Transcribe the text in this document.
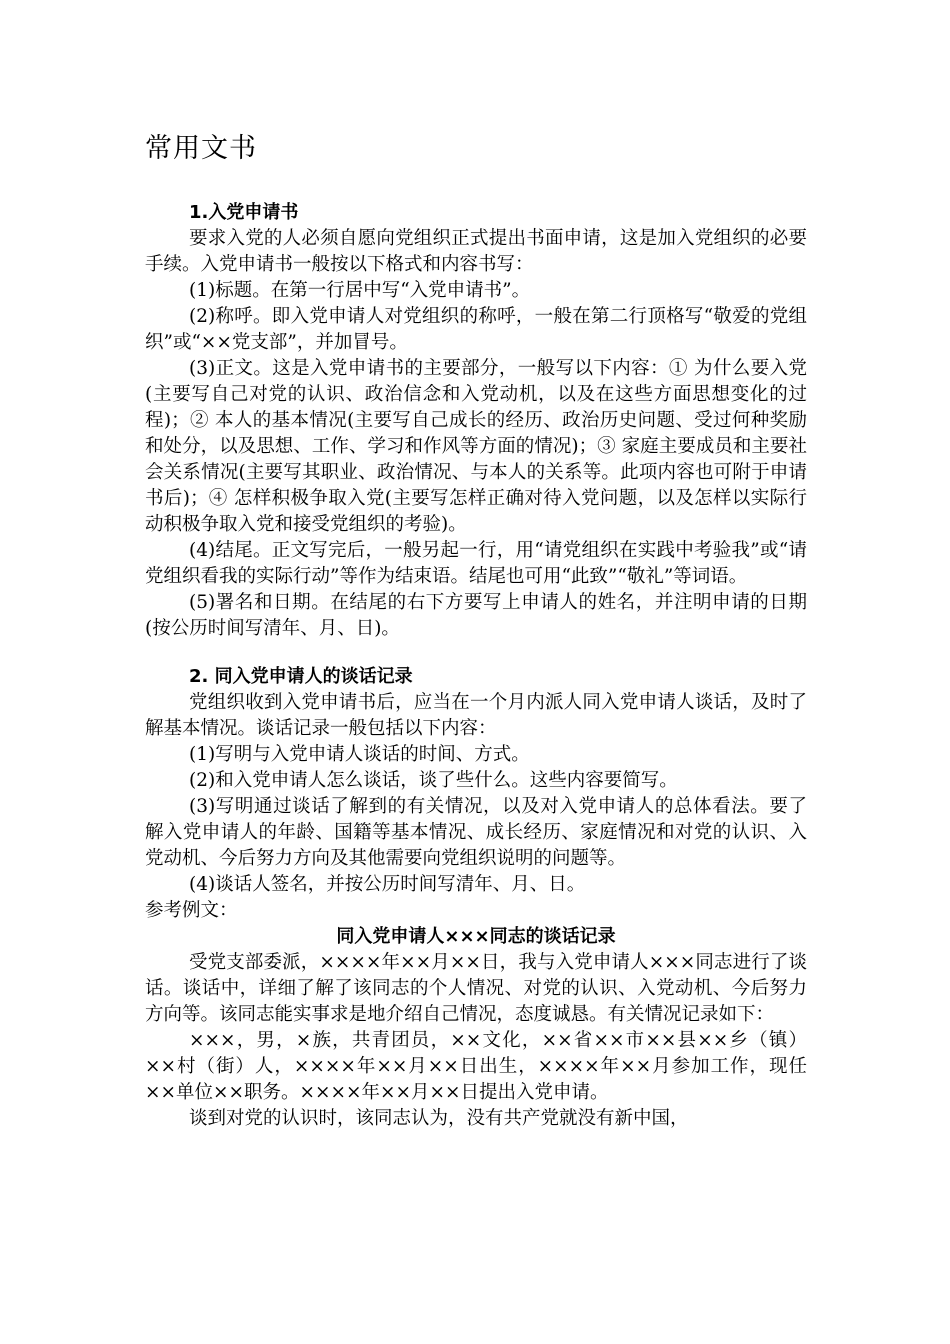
常用文书
1.入党申请书

要求入党的人必须自愿向党组织正式提出书面申请，这是加入党组织的必要手续。入党申请书一般按以下格式和内容书写：

(1)标题。在第一行居中写“入党申请书”。

(2)称呼。即入党申请人对党组织的称呼，一般在第二行顶格写“敬爱的党组织”或“××党支部”，并加冒号。

(3)正文。这是入党申请书的主要部分，一般写以下内容：① 为什么要入党(主要写自己对党的认识、政治信念和入党动机，以及在这些方面思想变化的过程)；② 本人的基本情况(主要写自己成长的经历、政治历史问题、受过何种奖励和处分，以及思想、工作、学习和作风等方面的情况)；③ 家庭主要成员和主要社会关系情况(主要写其职业、政治情况、与本人的关系等。此项内容也可附于申请书后)；④ 怎样积极争取入党(主要写怎样正确对待入党问题，以及怎样以实际行动积极争取入党和接受党组织的考验)。

(4)结尾。正文写完后，一般另起一行，用“请党组织在实践中考验我”或“请党组织看我的实际行动”等作为结束语。结尾也可用“此致”“敬礼”等词语。

(5)署名和日期。在结尾的右下方要写上申请人的姓名，并注明申请的日期(按公历时间写清年、月、日)。

2. 同入党申请人的谈话记录

党组织收到入党申请书后，应当在一个月内派人同入党申请人谈话，及时了解基本情况。谈话记录一般包括以下内容：

(1)写明与入党申请人谈话的时间、方式。

(2)和入党申请人怎么谈话，谈了些什么。这些内容要简写。

(3)写明通过谈话了解到的有关情况，以及对入党申请人的总体看法。要了解入党申请人的年龄、国籍等基本情况、成长经历、家庭情况和对党的认识、入党动机、今后努力方向及其他需要向党组织说明的问题等。

(4)谈话人签名，并按公历时间写清年、月、日。

参考例文：

同入党申请人×××同志的谈话记录

受党支部委派，××××年××月××日，我与入党申请人×××同志进行了谈话。谈话中，详细了解了该同志的个人情况、对党的认识、入党动机、今后努力方向等。该同志能实事求是地介绍自己情况，态度诚恳。有关情况记录如下：

×××，男，×族，共青团员，××文化，××省××市××县××乡（镇）××村（街）人，××××年××月××日出生，××××年××月参加工作，现任××单位××职务。××××年××月××日提出入党申请。

谈到对党的认识时，该同志认为，没有共产党就没有新中国，
